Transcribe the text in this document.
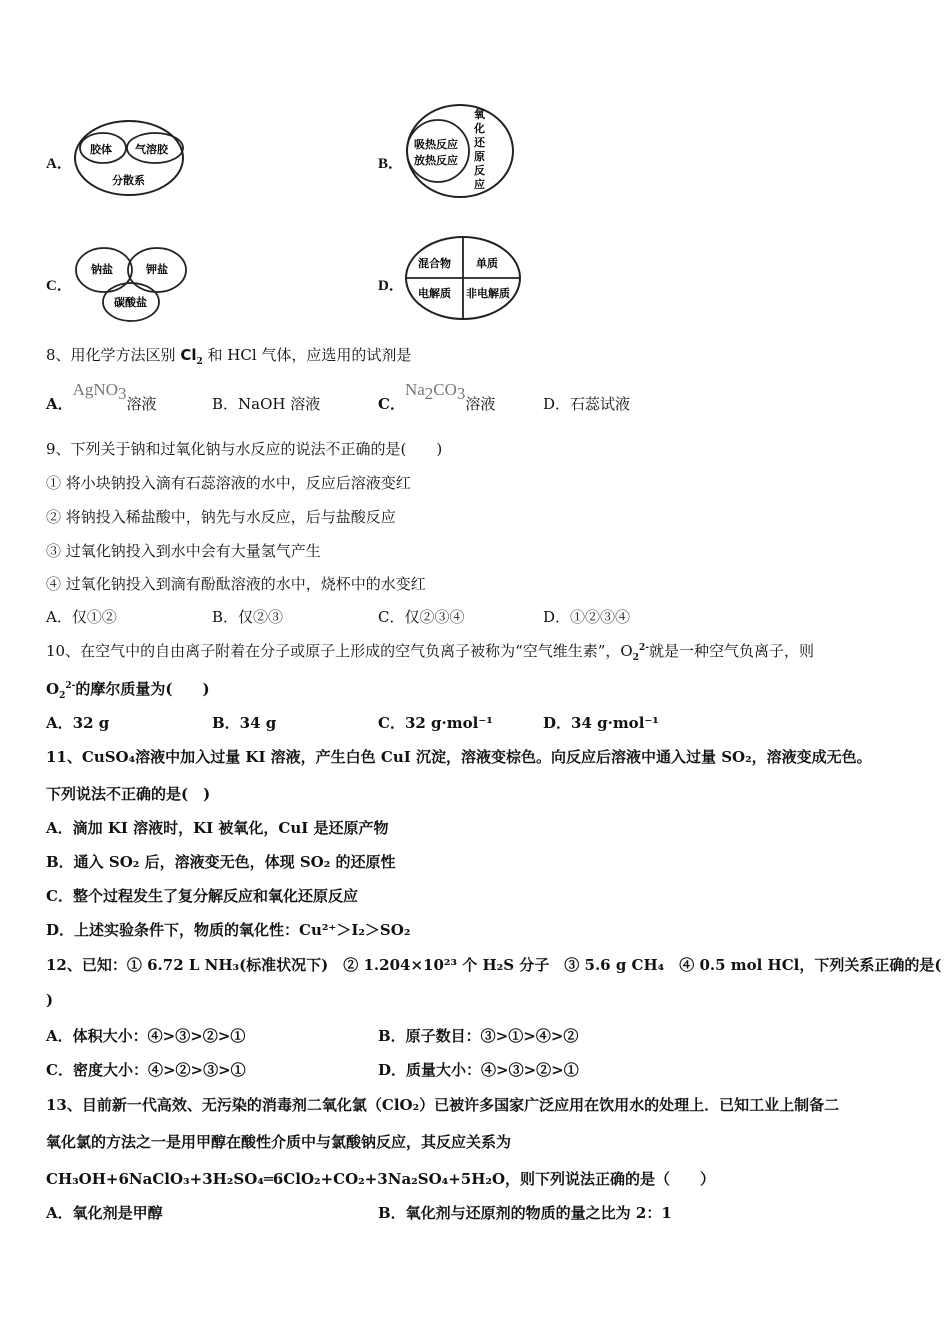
A．
胶体 气溶胶
分散系
B．
吸热反应
放热反应
氧
化
还
原
反
应
C．
钠盐	钾盐
碳酸盐
D．
混合物 单质
电解质 非电解质
8、用化学方法区别 $Cl_2$ 和 HCl 气体，应选用的试剂是
A．AgNO$_3$溶液	B．NaOH 溶液	C．$Na_2CO_3$溶液	D．石蕊试液
9、下列关于钠和过氧化钠与水反应的说法不正确的是(　　)
① 将小块钠投入滴有石蕊溶液的水中，反应后溶液变红
② 将钠投入稀盐酸中，钠先与水反应，后与盐酸反应
③ 过氧化钠投入到水中会有大量氢气产生
④ 过氧化钠投入到滴有酚酞溶液的水中，烧杯中的水变红
A．仅①②	B．仅②③	C．仅②③④	D．①②③④
10、在空气中的自由离子附着在分子或原子上形成的空气负离子被称为“空气维生素”，$O_2^{2-}$就是一种空气负离子，则
$O_2^{2-}$的摩尔质量为(　　)
A．32 g	B．34 g	C．32 g·mol⁻¹	D．34 g·mol⁻¹
11、CuSO₄溶液中加入过量 KI 溶液，产生白色 CuI 沉淀，溶液变棕色。向反应后溶液中通入过量 SO₂，溶液变成无色。
下列说法不正确的是(　)
A．滴加 KI 溶液时，KI 被氧化，CuI 是还原产物
B．通入 SO₂ 后，溶液变无色，体现 SO₂ 的还原性
C．整个过程发生了复分解反应和氧化还原反应
D．上述实验条件下，物质的氧化性：Cu²⁺＞I₂＞SO₂
12、已知：① 6.72 L NH₃(标准状况下)　② 1.204×10²³ 个 H₂S 分子　③ 5.6 g CH₄　④ 0.5 mol HCl，下列关系正确的是(
)
A．体积大小：④>③>②>①	B．原子数目：③>①>④>②
C．密度大小：④>②>③>①	D．质量大小：④>③>②>①
13、目前新一代高效、无污染的消毒剂二氧化氯（ClO₂）已被许多国家广泛应用在饮用水的处理上．已知工业上制备二
氧化氯的方法之一是用甲醇在酸性介质中与氯酸钠反应，其反应关系为
CH₃OH+6NaClO₃+3H₂SO₄═6ClO₂+CO₂+3Na₂SO₄+5H₂O，则下列说法正确的是（　　）
A．氧化剂是甲醇	B．氧化剂与还原剂的物质的量之比为 2：1
